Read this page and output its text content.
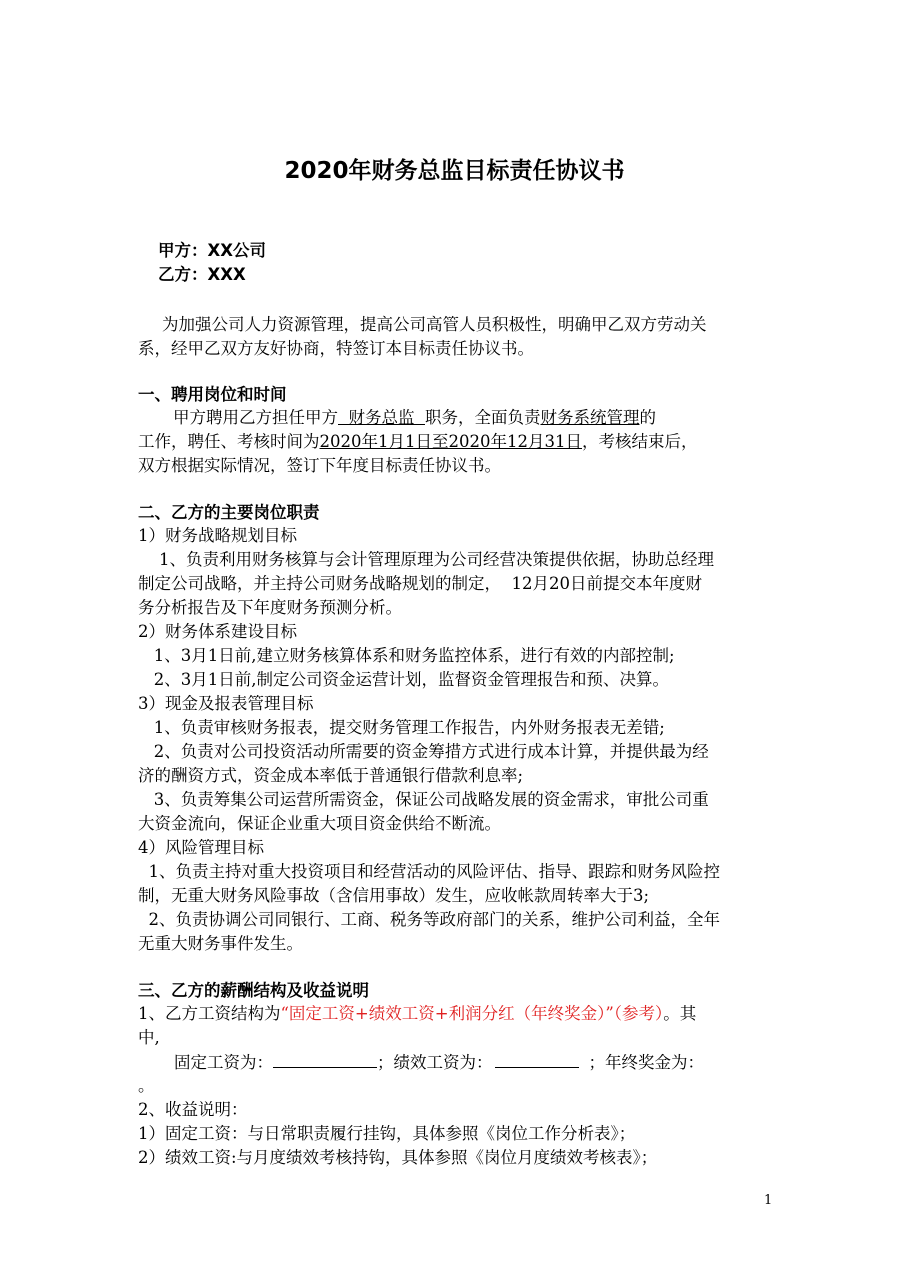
2020年财务总监目标责任协议书
甲方：XX公司
乙方：XXX
为加强公司人力资源管理，提高公司高管人员积极性，明确甲乙双方劳动关
系，经甲乙双方友好协商，特签订本目标责任协议书。
一、聘用岗位和时间
甲方聘用乙方担任甲方  财务总监  职务，全面负责财务系统管理的
工作，聘任、考核时间为2020年1月1日至2020年12月31日，考核结束后，
双方根据实际情况，签订下年度目标责任协议书。
二、乙方的主要岗位职责
1）财务战略规划目标
1、负责利用财务核算与会计管理原理为公司经营决策提供依据，协助总经理
制定公司战略，并主持公司财务战略规划的制定，  12月20日前提交本年度财
务分析报告及下年度财务预测分析。
2）财务体系建设目标
1、3月1日前,建立财务核算体系和财务监控体系，进行有效的内部控制;
2、3月1日前,制定公司资金运营计划，监督资金管理报告和预、决算。
3）现金及报表管理目标
1、负责审核财务报表，提交财务管理工作报告，内外财务报表无差错;
2、负责对公司投资活动所需要的资金筹措方式进行成本计算，并提供最为经
济的酬资方式，资金成本率低于普通银行借款利息率;
3、负责筹集公司运营所需资金，保证公司战略发展的资金需求，审批公司重
大资金流向，保证企业重大项目资金供给不断流。
4）风险管理目标
1、负责主持对重大投资项目和经营活动的风险评估、指导、跟踪和财务风险控
制，无重大财务风险事故（含信用事故）发生，应收帐款周转率大于3;
2、负责协调公司同银行、工商、税务等政府部门的关系，维护公司利益，全年
无重大财务事件发生。
三、乙方的薪酬结构及收益说明
1、乙方工资结构为“固定工资+绩效工资+利润分红（年终奖金）”（参考）。其
中,
固定工资为：	；绩效工资为：	；年终奖金为：
。
2、收益说明：
1）固定工资：与日常职责履行挂钩，具体参照《岗位工作分析表》；
2）绩效工资:与月度绩效考核持钩，具体参照《岗位月度绩效考核表》；
1
